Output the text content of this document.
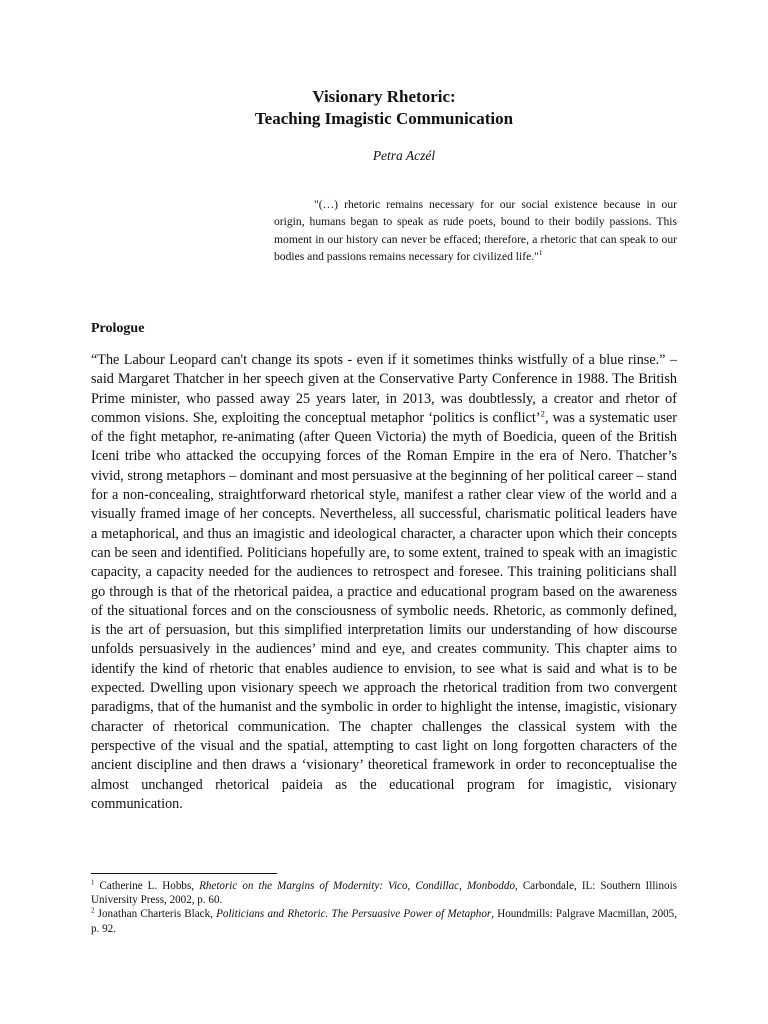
Visionary Rhetoric:

Teaching Imagistic Communication

Petra Aczél

"(…) rhetoric remains necessary for our social existence because in our origin, humans began to speak as rude poets, bound to their bodily passions. This moment in our history can never be effaced; therefore, a rhetoric that can speak to our bodies and passions remains necessary for civilized life."$^1$

Prologue

“The Labour Leopard can't change its spots - even if it sometimes thinks wistfully of a blue rinse.” – said Margaret Thatcher in her speech given at the Conservative Party Conference in 1988. The British Prime minister, who passed away 25 years later, in 2013, was doubtlessly, a creator and rhetor of common visions. She, exploiting the conceptual metaphor ‘politics is conflict’$^2$, was a systematic user of the fight metaphor, re-animating (after Queen Victoria) the myth of Boedicia, queen of the British Iceni tribe who attacked the occupying forces of the Roman Empire in the era of Nero. Thatcher’s vivid, strong metaphors – dominant and most persuasive at the beginning of her political career – stand for a non-concealing, straightforward rhetorical style, manifest a rather clear view of the world and a visually framed image of her concepts. Nevertheless, all successful, charismatic political leaders have a metaphorical, and thus an imagistic and ideological character, a character upon which their concepts can be seen and identified. Politicians hopefully are, to some extent, trained to speak with an imagistic capacity, a capacity needed for the audiences to retrospect and foresee. This training politicians shall go through is that of the rhetorical paidea, a practice and educational program based on the awareness of the situational forces and on the consciousness of symbolic needs. Rhetoric, as commonly defined, is the art of persuasion, but this simplified interpretation limits our understanding of how discourse unfolds persuasively in the audiences’ mind and eye, and creates community. This chapter aims to identify the kind of rhetoric that enables audience to envision, to see what is said and what is to be expected. Dwelling upon visionary speech we approach the rhetorical tradition from two convergent paradigms, that of the humanist and the symbolic in order to highlight the intense, imagistic, visionary character of rhetorical communication. The chapter challenges the classical system with the perspective of the visual and the spatial, attempting to cast light on long forgotten characters of the ancient discipline and then draws a ‘visionary’ theoretical framework in order to reconceptualise the almost unchanged rhetorical paideia as the educational program for imagistic, visionary communication.

$^1$ Catherine L. Hobbs, Rhetoric on the Margins of Modernity: Vico, Condillac, Monboddo, Carbondale, IL: Southern Illinois University Press, 2002, p. 60.

$^2$ Jonathan Charteris Black, Politicians and Rhetoric. The Persuasive Power of Metaphor, Houndmills: Palgrave Macmillan, 2005, p. 92.
